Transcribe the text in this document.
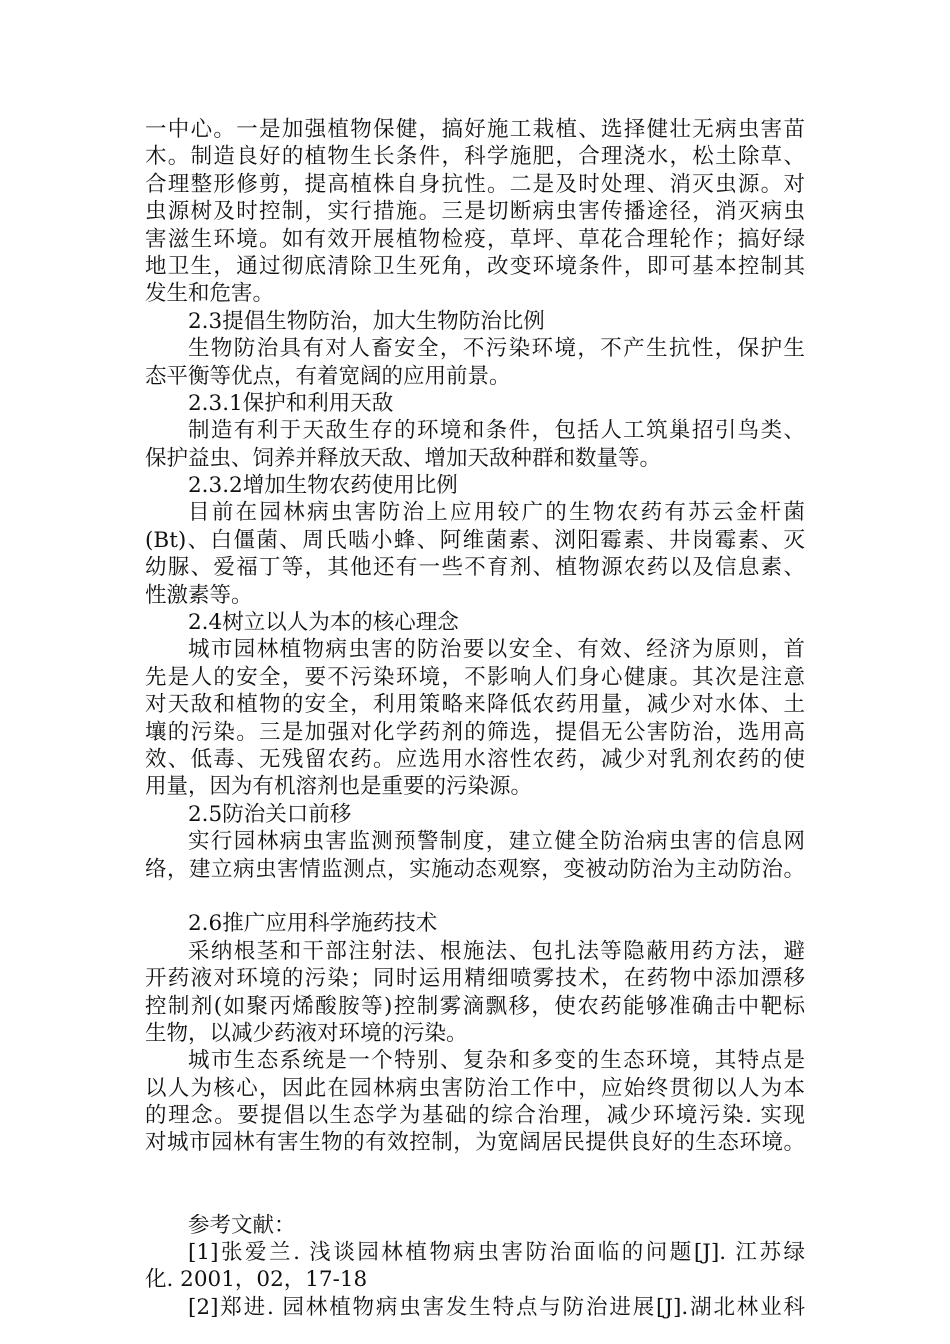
一中心。一是加强植物保健，搞好施工栽植、选择健壮无病虫害苗
木。制造良好的植物生长条件，科学施肥，合理浇水，松土除草、
合理整形修剪，提高植株自身抗性。二是及时处理、消灭虫源。对
虫源树及时控制，实行措施。三是切断病虫害传播途径，消灭病虫
害滋生环境。如有效开展植物检疫，草坪、草花合理轮作；搞好绿
地卫生，通过彻底清除卫生死角，改变环境条件，即可基本控制其
发生和危害。
2.3提倡生物防治，加大生物防治比例
生物防治具有对人畜安全，不污染环境，不产生抗性，保护生
态平衡等优点，有着宽阔的应用前景。
2.3.1保护和利用天敌
制造有利于天敌生存的环境和条件，包括人工筑巢招引鸟类、
保护益虫、饲养并释放天敌、增加天敌种群和数量等。
2.3.2增加生物农药使用比例
目前在园林病虫害防治上应用较广的生物农药有苏云金杆菌
(Bt)、白僵菌、周氏啮小蜂、阿维菌素、浏阳霉素、井岗霉素、灭
幼脲、爱福丁等，其他还有一些不育剂、植物源农药以及信息素、
性激素等。
2.4树立以人为本的核心理念
城市园林植物病虫害的防治要以安全、有效、经济为原则，首
先是人的安全，要不污染环境，不影响人们身心健康。其次是注意
对天敌和植物的安全，利用策略来降低农药用量，减少对水体、土
壤的污染。三是加强对化学药剂的筛选，提倡无公害防治，选用高
效、低毒、无残留农药。应选用水溶性农药，减少对乳剂农药的使
用量，因为有机溶剂也是重要的污染源。
2.5防治关口前移
实行园林病虫害监测预警制度，建立健全防治病虫害的信息网
络，建立病虫害情监测点，实施动态观察，变被动防治为主动防治。
2.6推广应用科学施药技术
采纳根茎和干部注射法、根施法、包扎法等隐蔽用药方法，避
开药液对环境的污染；同时运用精细喷雾技术，在药物中添加漂移
控制剂(如聚丙烯酸胺等)控制雾滴飘移，使农药能够准确击中靶标
生物，以减少药液对环境的污染。
城市生态系统是一个特别、复杂和多变的生态环境，其特点是
以人为核心，因此在园林病虫害防治工作中，应始终贯彻以人为本
的理念。要提倡以生态学为基础的综合治理，减少环境污染. 实现
对城市园林有害生物的有效控制，为宽阔居民提供良好的生态环境。
参考文献：
[1]张爱兰. 浅谈园林植物病虫害防治面临的问题[J]. 江苏绿
化. 2001，02，17-18
[2]郑进. 园林植物病虫害发生特点与防治进展[J].湖北林业科
